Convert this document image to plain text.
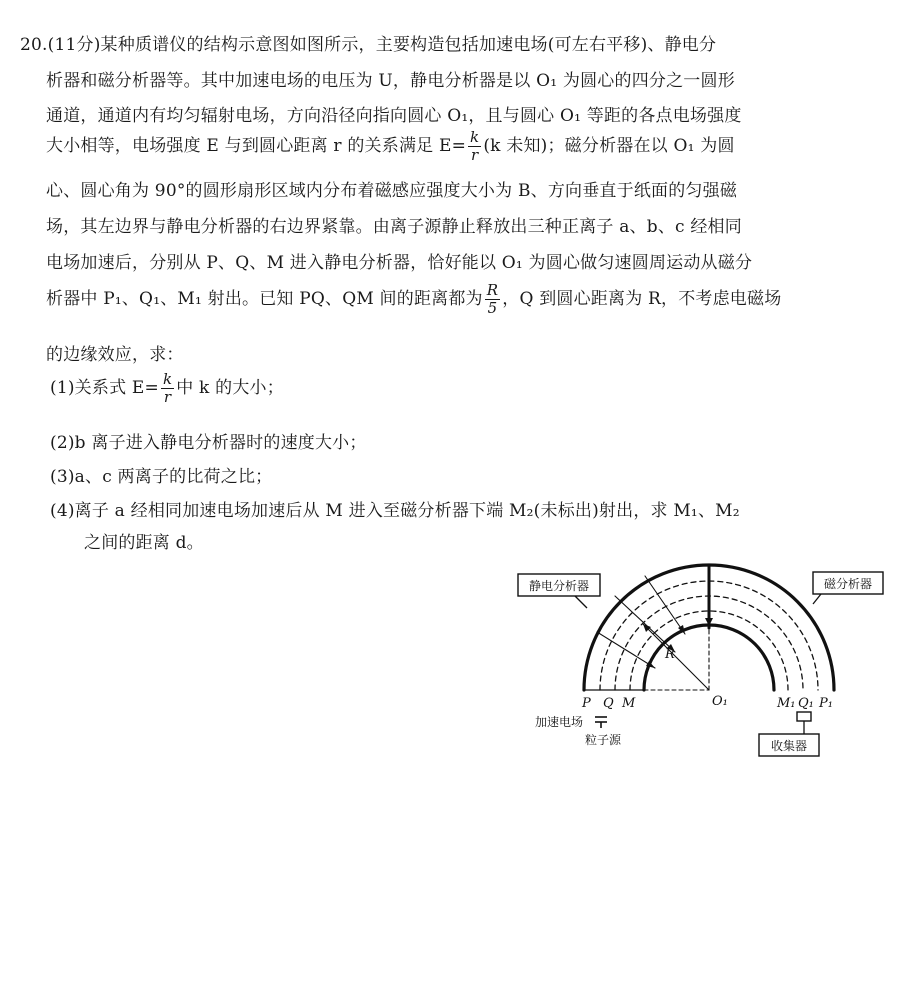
20.(11分)某种质谱仪的结构示意图如图所示，主要构造包括加速电场(可左右平移)、静电分
析器和磁分析器等。其中加速电场的电压为 U，静电分析器是以 O₁ 为圆心的四分之一圆形
通道，通道内有均匀辐射电场，方向沿径向指向圆心 O₁，且与圆心 O₁ 等距的各点电场强度
大小相等，电场强度 E 与到圆心距离 r 的关系满足 $E= \frac{k}{r} (k$ 未知)；磁分析器在以 O₁ 为圆
心、圆心角为 90°的圆形扇形区域内分布着磁感应强度大小为 B、方向垂直于纸面的匀强磁
场，其左边界与静电分析器的右边界紧靠。由离子源静止释放出三种正离子 a、b、c 经相同
电场加速后，分别从 P、Q、M 进入静电分析器，恰好能以 O₁ 为圆心做匀速圆周运动从磁分
析器中 P₁、Q₁、M₁ 射出。已知 PQ、QM 间的距离都为 $\frac{R}{5}$ ，Q 到圆心距离为 R，不考虑电磁场
的边缘效应，求：
(1)关系式 $E= \frac{k}{r}$ 中 k 的大小；
(2)b 离子进入静电分析器时的速度大小；
(3)a、c 两离子的比荷之比；
(4)离子 a 经相同加速电场加速后从 M 进入至磁分析器下端 M₂(未标出)射出，求 M₁、M₂
之间的距离 d。
静电分析器	磁分析器
R
O₁
P Q M	M₁ Q₁ P₁
加速电场
粒子源	收集器
